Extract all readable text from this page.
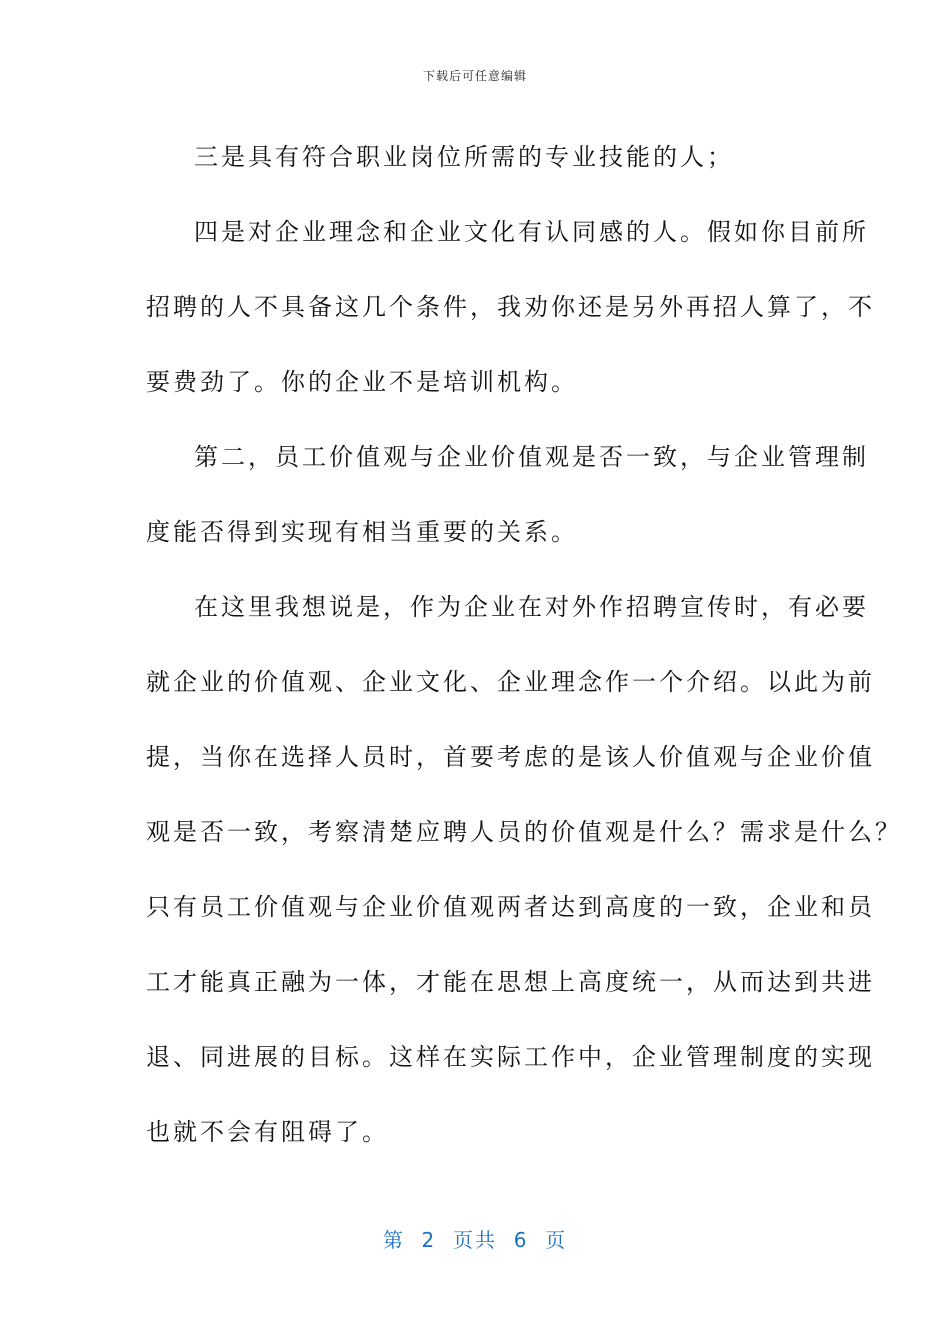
下载后可任意编辑
三是具有符合职业岗位所需的专业技能的人；
四是对企业理念和企业文化有认同感的人。假如你目前所
招聘的人不具备这几个条件，我劝你还是另外再招人算了，不
要费劲了。你的企业不是培训机构。
第二，员工价值观与企业价值观是否一致，与企业管理制
度能否得到实现有相当重要的关系。
在这里我想说是，作为企业在对外作招聘宣传时，有必要
就企业的价值观、企业文化、企业理念作一个介绍。以此为前
提，当你在选择人员时，首要考虑的是该人价值观与企业价值
观是否一致，考察清楚应聘人员的价值观是什么？需求是什么？
只有员工价值观与企业价值观两者达到高度的一致，企业和员
工才能真正融为一体，才能在思想上高度统一，从而达到共进
退、同进展的目标。这样在实际工作中，企业管理制度的实现
也就不会有阻碍了。
第  2  页共  6  页
